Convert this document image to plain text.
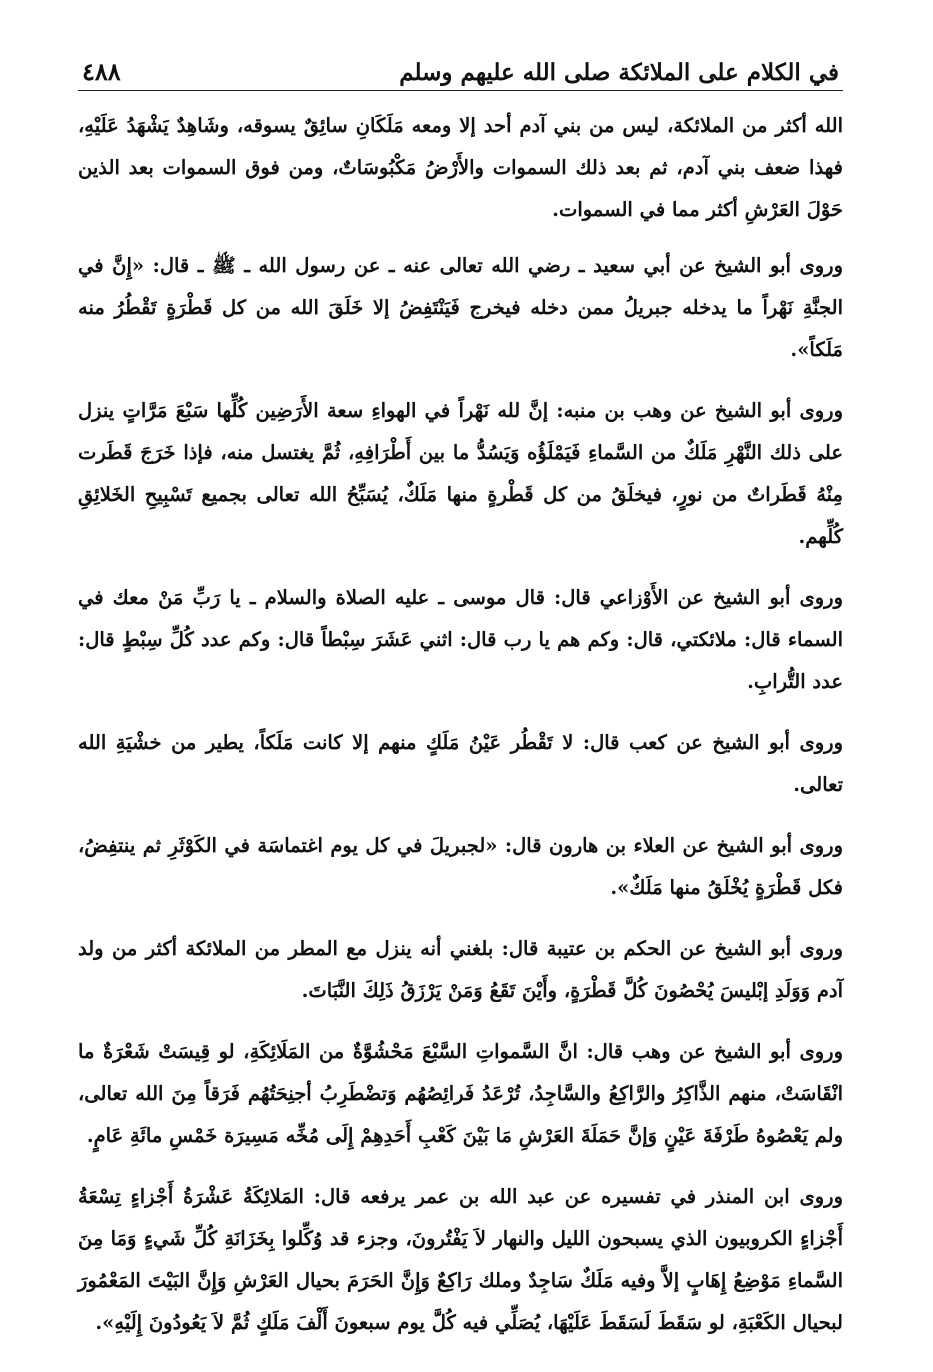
في الكلام على الملائكة صلى الله عليهم وسلم
٤٨٨

الله أكثر من الملائكة، ليس من بني آدم أحد إلا ومعه مَلَكَانِ سائِقٌ يسوقه، وشَاهِدٌ يَشْهَدُ عَلَيْهِ، فهذا ضعف بني آدم، ثم بعد ذلك السموات والأَرْضُ مَكْبُوسَاتٌ، ومن فوق السموات بعد الذين حَوْلَ العَرْشِ أكثر مما في السموات.

وروى أبو الشيخ عن أبي سعيد ـ رضي الله تعالى عنه ـ عن رسول الله ـ ﷺ ـ قال: «إِنَّ في الجنَّةِ نَهْراً ما يدخله جبريلُ ممن دخله فيخرج فَيَنْتَفِضُ إلا خَلَقَ الله من كل قَطْرَةٍ تَقْطُرُ منه مَلَكاً».

وروى أبو الشيخ عن وهب بن منبه: إنَّ لله نَهْراً في الهواءِ سعة الأَرَضِين كُلِّها سَبْعَ مَرَّاتٍ ينزل على ذلك النَّهْرِ مَلَكٌ من السَّماءِ فَيَمْلَؤُه وَيَسُدُّ ما بين أَطْرَافِهِ، ثُمَّ يغتسل منه، فإذا خَرَجَ قَطَرت مِنْهُ قَطَراتٌ من نورٍ، فيخلَقُ من كل قَطْرةٍ منها مَلَكٌ، يُسَبِّحُ الله تعالى بجميع تَسْبِيحِ الخَلائِقِ كُلِّهم.

وروى أبو الشيخ عن الأَوْزاعي قال: قال موسى ـ عليه الصلاة والسلام ـ يا رَبِّ مَنْ معك في السماء قال: ملائكتي، قال: وكم هم يا رب قال: اثني عَشَرَ سِبْطاً قال: وكم عدد كُلِّ سِبْطٍ قال: عدد التُّرابِ.

وروى أبو الشيخ عن كعب قال: لا تَقْطُر عَيْنُ مَلَكٍ منهم إلا كانت مَلَكاً، يطير من خشْيَةِ الله تعالى.

وروى أبو الشيخ عن العلاء بن هارون قال: «لجبريلَ في كل يوم اغتماسَة في الكَوْثَرِ ثم ينتفِضُ، فكل قَطْرَةٍ يُخْلَقُ منها مَلَكٌ».

وروى أبو الشيخ عن الحكم بن عتيبة قال: بلغني أنه ينزل مع المطر من الملائكة أكثر من ولد آدم وَوَلَدِ إبْليسَ يُحْصُونَ كُلَّ قَطْرَةٍ، وأَيْنَ تَقَعُ وَمَنْ يَرْزَقُ ذَلِكَ النَّبَاتَ.

وروى أبو الشيخ عن وهب قال: انَّ السَّمواتِ السَّبْعَ مَحْشُوَّةٌ من المَلَائِكَةِ، لو قِيسَتْ شَعْرَةٌ ما انْقَاسَتْ، منهم الذَّاكِرُ والرَّاكِعُ والسَّاجِدُ، تُرْعَدُ فَرائِصُهُم وَتضْطَرِبُ أجنِحَتُهُم فَرَقاً مِنَ الله تعالى، ولم يَعْصُوهُ طَرْفَةَ عَيْنٍ وَإنَّ حَمَلَةَ العَرْشِ مَا بَيْنَ كَعْبِ أَحَدِهِمْ إِلَى مُخِّه مَسِيرَة خَمْسِ مائَةِ عَامٍ.

وروى ابن المنذر في تفسيره عن عبد الله بن عمر يرفعه قال: المَلائِكَةُ عَشْرَةُ أَجْزاءٍ تِسْعَةُ أَجْزاءٍ الكروبيون الذي يسبحون الليل والنهار لاَ يَفْتُرونَ، وجزء قد وُكِّلوا بِخَزَانَةِ كُلِّ شَيءٍ وَمَا مِنَ السَّماءِ مَوْضِعُ إِهَابٍ إلاَّ وفيه مَلَكٌ سَاجِدٌ وملك رَاكِعٌ وَإِنَّ الحَرَمَ بحيال العَرْشِ وَإِنَّ البَيْتَ المَعْمُورَ لبحيال الكَعْبَةِ، لو سَقَطَ لَسَقَطَ عَلَيْهَا، يُصَلِّي فيه كُلَّ يوم سبعونَ أَلْفَ مَلَكٍ ثُمَّ لاَ يَعُودُونَ إِلَيْهِ».
